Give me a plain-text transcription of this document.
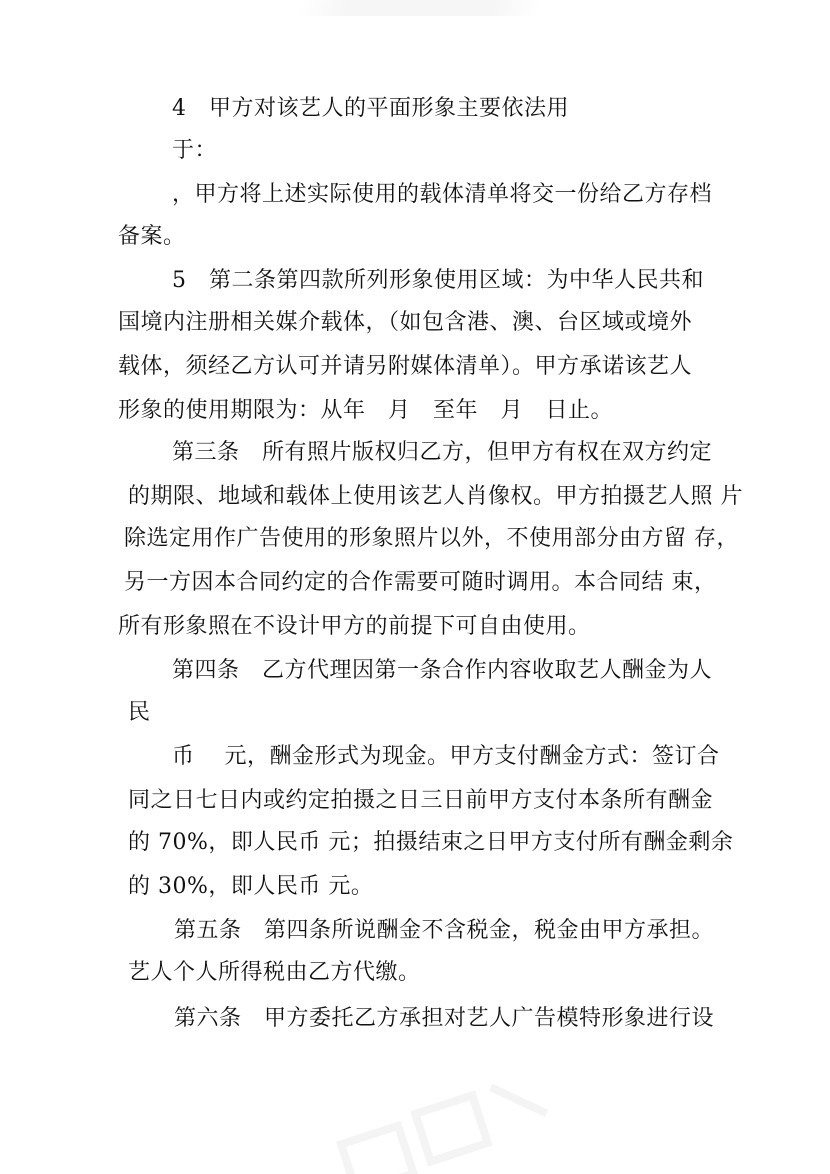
4　甲方对该艺人的平面形象主要依法用
于：
，甲方将上述实际使用的载体清单将交一份给乙方存档
备案。
5　第二条第四款所列形象使用区域：为中华人民共和
国境内注册相关媒介载体，（如包含港、澳、台区域或境外
载体，须经乙方认可并请另附媒体清单）。甲方承诺该艺人
形象的使用期限为：从年　月　至年　月　日止。
第三条　所有照片版权归乙方，但甲方有权在双方约定
的期限、地域和载体上使用该艺人肖像权。甲方拍摄艺人照 片
除选定用作广告使用的形象照片以外，不使用部分由方留 存，
另一方因本合同约定的合作需要可随时调用。本合同结 束，
所有形象照在不设计甲方的前提下可自由使用。
第四条　乙方代理因第一条合作内容收取艺人酬金为人
民
币　 元，酬金形式为现金。甲方支付酬金方式：签订合
同之日七日内或约定拍摄之日三日前甲方支付本条所有酬金
的 70%，即人民币 元；拍摄结束之日甲方支付所有酬金剩余
的 30%，即人民币 元。
第五条　第四条所说酬金不含税金，税金由甲方承担。
艺人个人所得税由乙方代缴。
第六条　甲方委托乙方承担对艺人广告模特形象进行设
